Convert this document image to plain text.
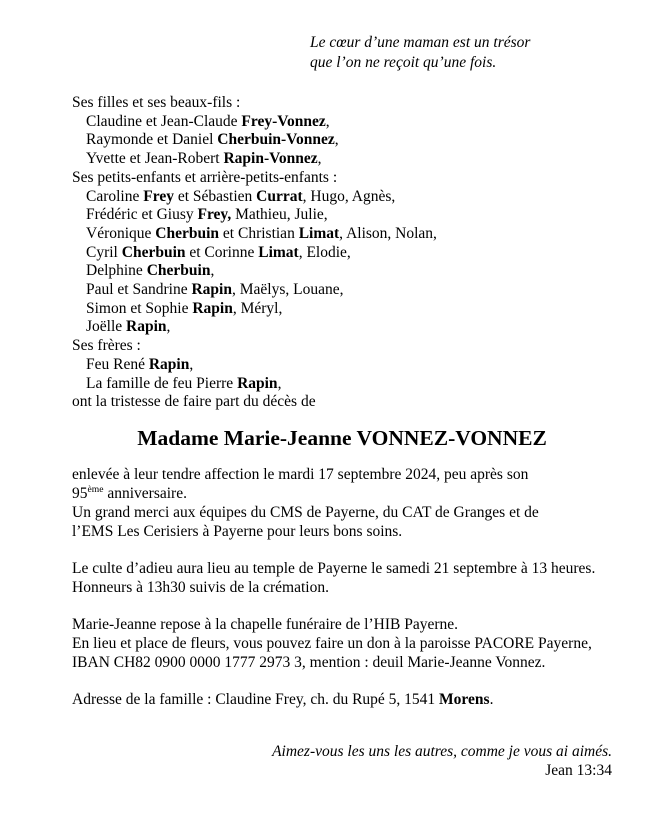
Le cœur d’une maman est un trésor
que l’on ne reçoit qu’une fois.
Ses filles et ses beaux-fils :
Claudine et Jean-Claude Frey-Vonnez,
Raymonde et Daniel Cherbuin-Vonnez,
Yvette et Jean-Robert Rapin-Vonnez,
Ses petits-enfants et arrière-petits-enfants :
Caroline Frey et Sébastien Currat, Hugo, Agnès,
Frédéric et Giusy Frey, Mathieu, Julie,
Véronique Cherbuin et Christian Limat, Alison, Nolan,
Cyril Cherbuin et Corinne Limat, Elodie,
Delphine Cherbuin,
Paul et Sandrine Rapin, Maëlys, Louane,
Simon et Sophie Rapin, Méryl,
Joëlle Rapin,
Ses frères :
Feu René Rapin,
La famille de feu Pierre Rapin,
ont la tristesse de faire part du décès de
Madame Marie-Jeanne VONNEZ-VONNEZ
enlevée à leur tendre affection le mardi 17 septembre 2024, peu après son
95ème anniversaire.
Un grand merci aux équipes du CMS de Payerne, du CAT de Granges et de
l’EMS Les Cerisiers à Payerne pour leurs bons soins.
Le culte d’adieu aura lieu au temple de Payerne le samedi 21 septembre à 13 heures.
Honneurs à 13h30 suivis de la crémation.
Marie-Jeanne repose à la chapelle funéraire de l’HIB Payerne.
En lieu et place de fleurs, vous pouvez faire un don à la paroisse PACORE Payerne,
IBAN CH82 0900 0000 1777 2973 3, mention : deuil Marie-Jeanne Vonnez.
Adresse de la famille : Claudine Frey, ch. du Rupé 5, 1541 Morens.
Aimez-vous les uns les autres, comme je vous ai aimés.
Jean 13:34
